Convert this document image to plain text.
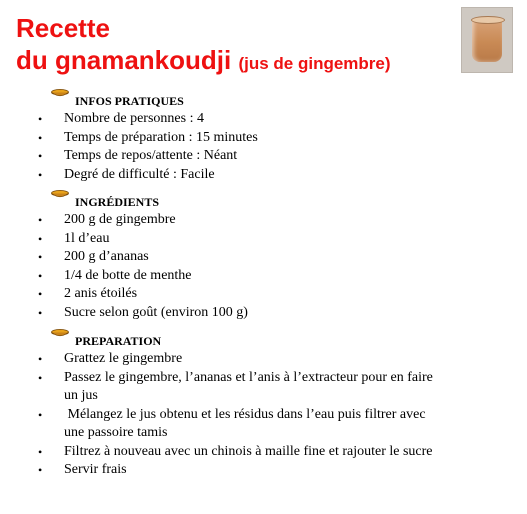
Recette
du gnamankoudji (jus de gingembre)
INFOS PRATIQUES
• Nombre de personnes : 4
• Temps de préparation : 15 minutes
• Temps de repos/attente : Néant
• Degré de difficulté : Facile
INGRÉDIENTS
• 200 g de gingembre
• 1l d’eau
• 200 g d’ananas
• 1/4 de botte de menthe
• 2 anis étoilés
• Sucre selon goût (environ 100 g)
PREPARATION
• Grattez le gingembre
• Passez le gingembre, l’ananas et l’anis à l’extracteur pour en faire un jus
• Mélangez le jus obtenu et les résidus dans l’eau puis filtrer avec une passoire tamis
• Filtrez à nouveau avec un chinois à maille fine et rajouter le sucre
• Servir frais
